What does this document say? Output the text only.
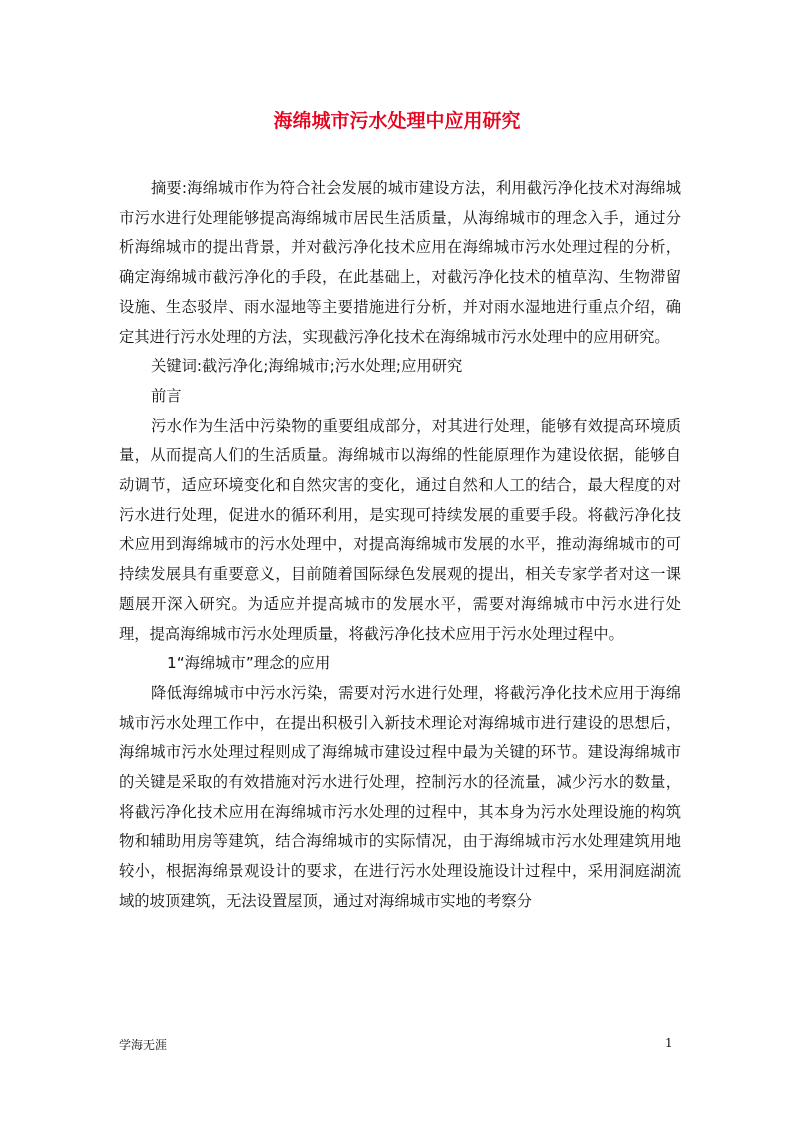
海绵城市污水处理中应用研究

摘要:海绵城市作为符合社会发展的城市建设方法，利用截污净化技术对海绵城市污水进行处理能够提高海绵城市居民生活质量，从海绵城市的理念入手，通过分析海绵城市的提出背景，并对截污净化技术应用在海绵城市污水处理过程的分析，确定海绵城市截污净化的手段，在此基础上，对截污净化技术的植草沟、生物滞留设施、生态驳岸、雨水湿地等主要措施进行分析，并对雨水湿地进行重点介绍，确定其进行污水处理的方法，实现截污净化技术在海绵城市污水处理中的应用研究。

关键词:截污净化;海绵城市;污水处理;应用研究

前言

污水作为生活中污染物的重要组成部分，对其进行处理，能够有效提高环境质量，从而提高人们的生活质量。海绵城市以海绵的性能原理作为建设依据，能够自动调节，适应环境变化和自然灾害的变化，通过自然和人工的结合，最大程度的对污水进行处理，促进水的循环利用，是实现可持续发展的重要手段。将截污净化技术应用到海绵城市的污水处理中，对提高海绵城市发展的水平，推动海绵城市的可持续发展具有重要意义，目前随着国际绿色发展观的提出，相关专家学者对这一课题展开深入研究。为适应并提高城市的发展水平，需要对海绵城市中污水进行处理，提高海绵城市污水处理质量，将截污净化技术应用于污水处理过程中。

1“海绵城市”理念的应用

降低海绵城市中污水污染，需要对污水进行处理，将截污净化技术应用于海绵城市污水处理工作中，在提出积极引入新技术理论对海绵城市进行建设的思想后，海绵城市污水处理过程则成了海绵城市建设过程中最为关键的环节。建设海绵城市的关键是采取的有效措施对污水进行处理，控制污水的径流量，减少污水的数量，将截污净化技术应用在海绵城市污水处理的过程中，其本身为污水处理设施的构筑物和辅助用房等建筑，结合海绵城市的实际情况，由于海绵城市污水处理建筑用地较小，根据海绵景观设计的要求，在进行污水处理设施设计过程中，采用洞庭湖流域的坡顶建筑，无法设置屋顶，通过对海绵城市实地的考察分

学海无涯	1
